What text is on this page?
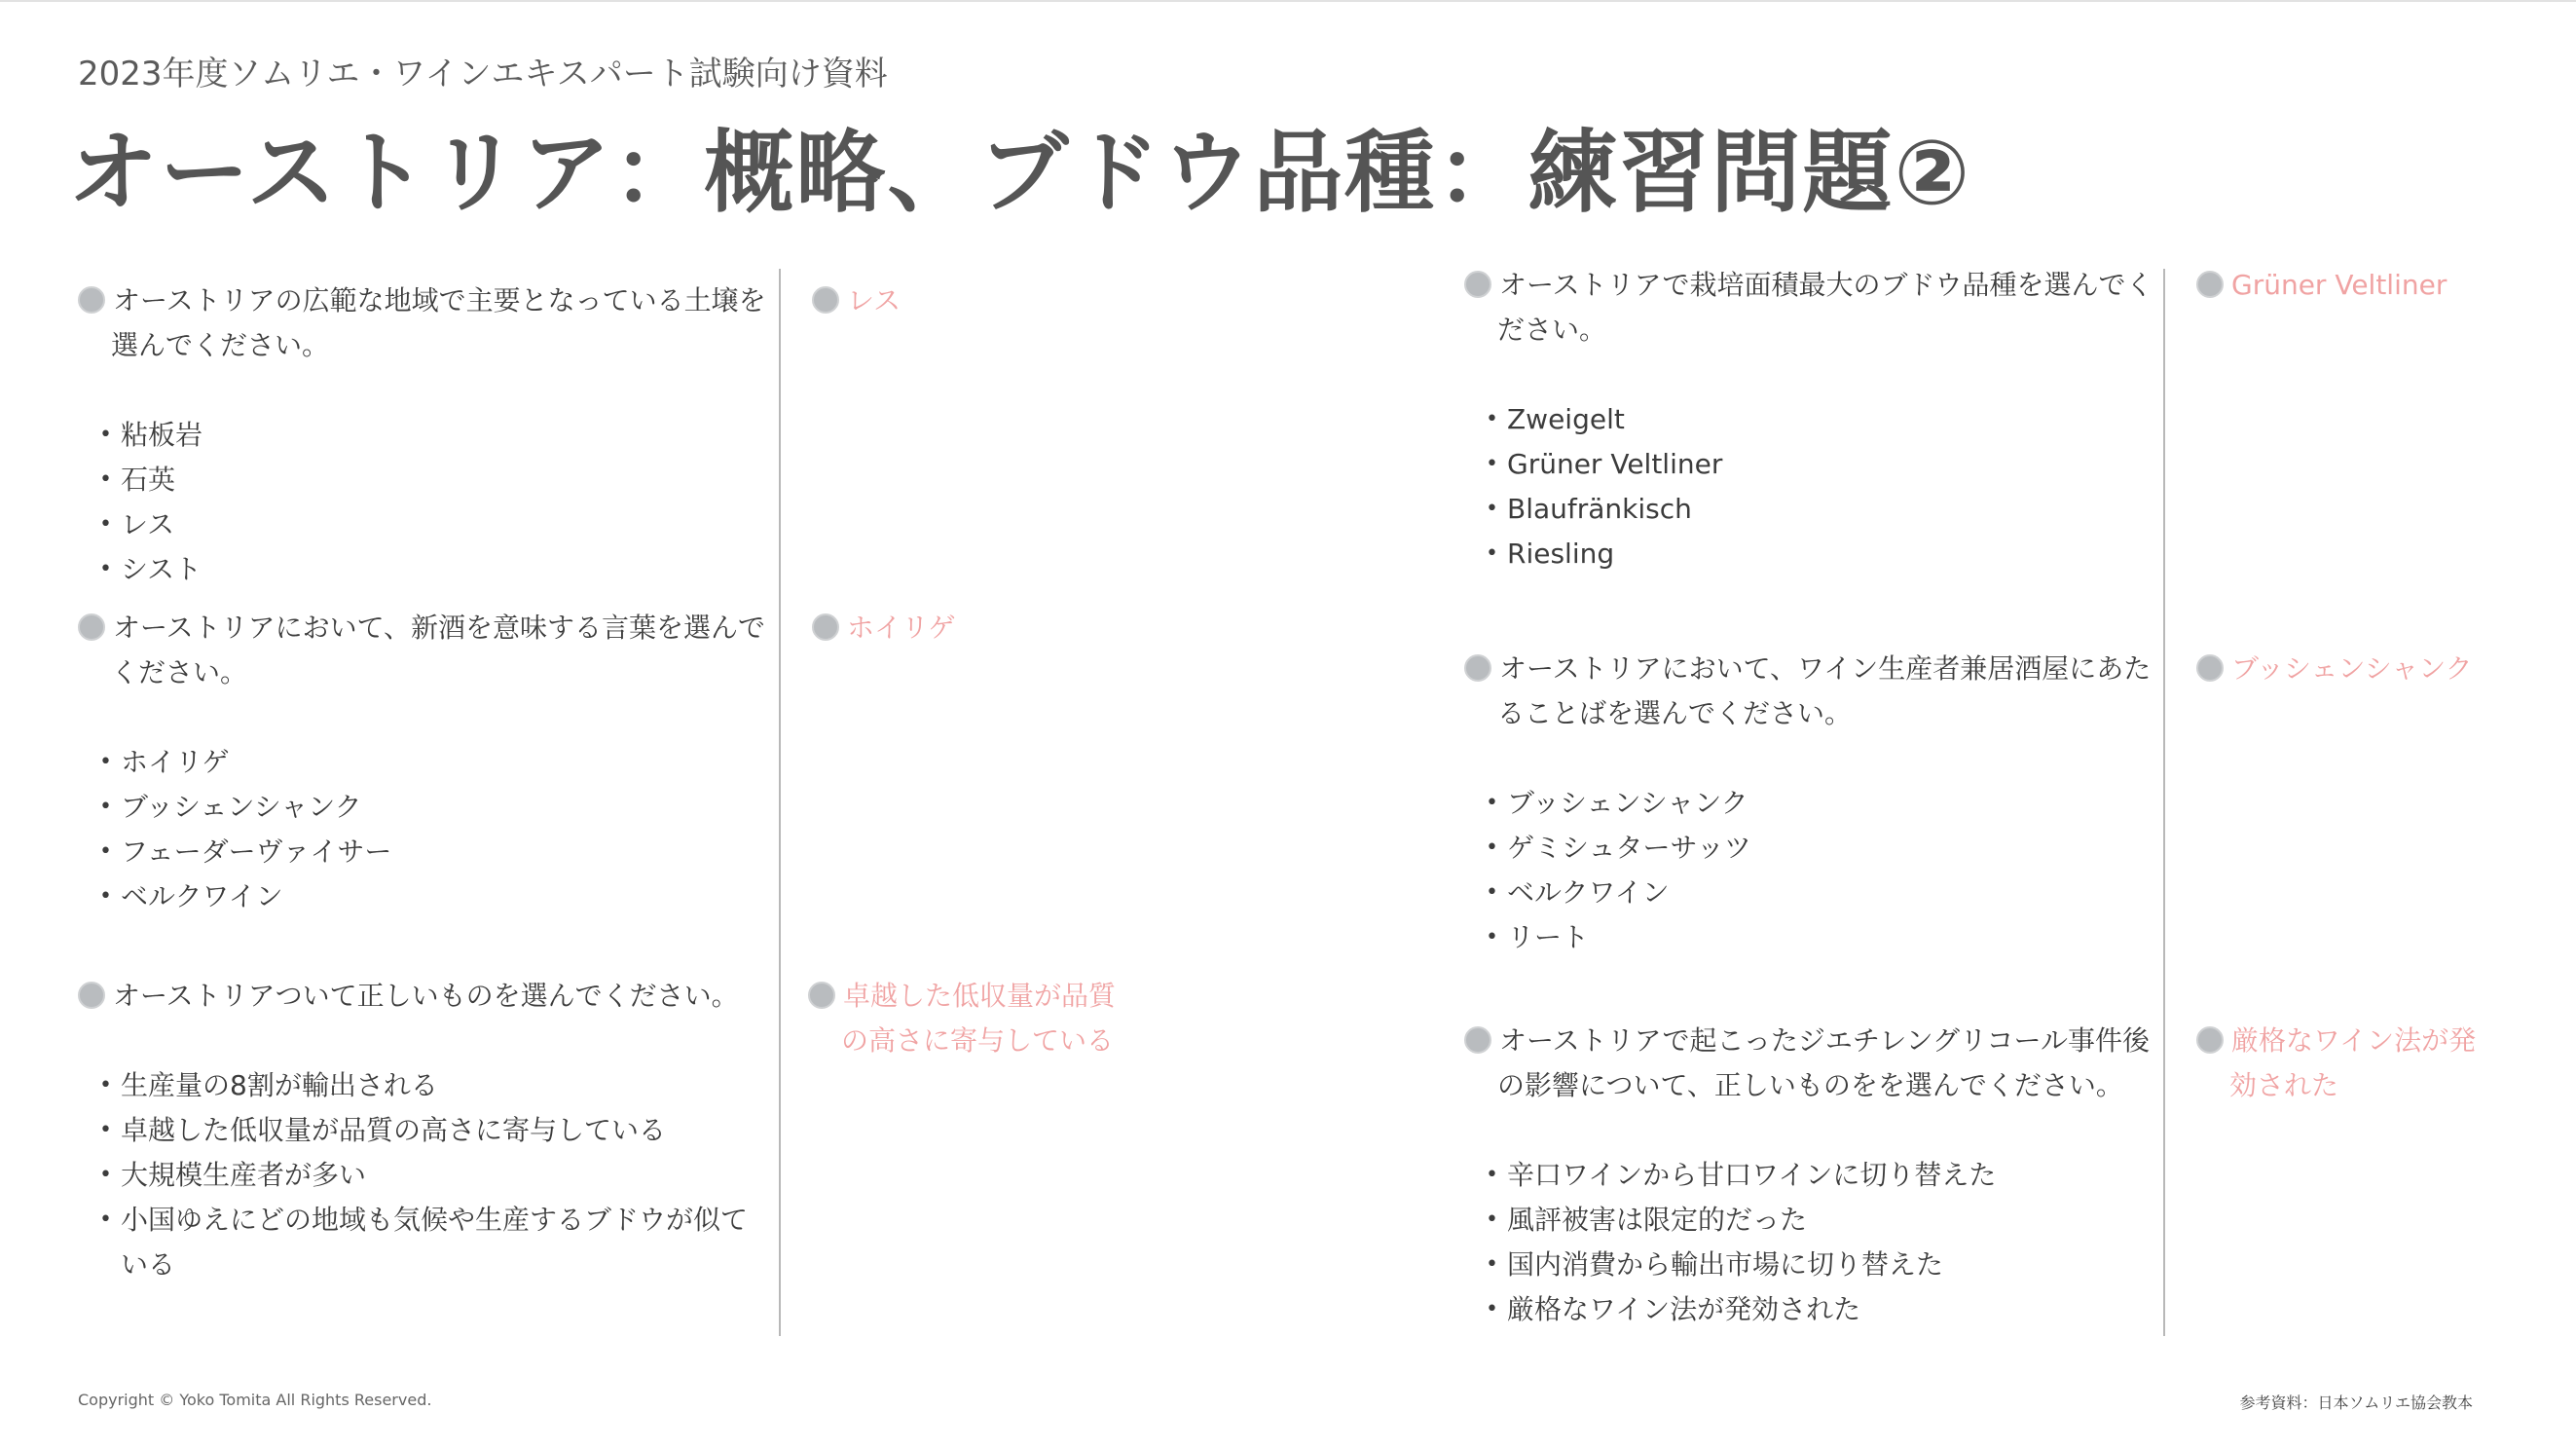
2023年度ソムリエ・ワインエキスパート試験向け資料
オーストリア：概略、ブドウ品種：練習問題②
オーストリアの広範な地域で主要となっている土壌を選んでください。
• 粘板岩
• 石英
• レス
• シスト
レス
オーストリアにおいて、新酒を意味する言葉を選んでください。
• ホイリゲ
• ブッシェンシャンク
• フェーダーヴァイサー
• ベルクワイン
ホイリゲ
オーストリアついて正しいものを選んでください。
• 生産量の8割が輸出される
• 卓越した低収量が品質の高さに寄与している
• 大規模生産者が多い
• 小国ゆえにどの地域も気候や生産するブドウが似ている
卓越した低収量が品質の高さに寄与している
オーストリアで栽培面積最大のブドウ品種を選んでください。
• Zweigelt
• Grüner Veltliner
• Blaufränkisch
• Riesling
Grüner Veltliner
オーストリアにおいて、ワイン生産者兼居酒屋にあたることばを選んでください。
• ブッシェンシャンク
• ゲミシュターサッツ
• ベルクワイン
• リート
ブッシェンシャンク
オーストリアで起こったジエチレングリコール事件後の影響について、正しいものをを選んでください。
• 辛口ワインから甘口ワインに切り替えた
• 風評被害は限定的だった
• 国内消費から輸出市場に切り替えた
• 厳格なワイン法が発効された
厳格なワイン法が発効された
Copyright © Yoko Tomita All Rights Reserved.	参考資料：日本ソムリエ協会教本
